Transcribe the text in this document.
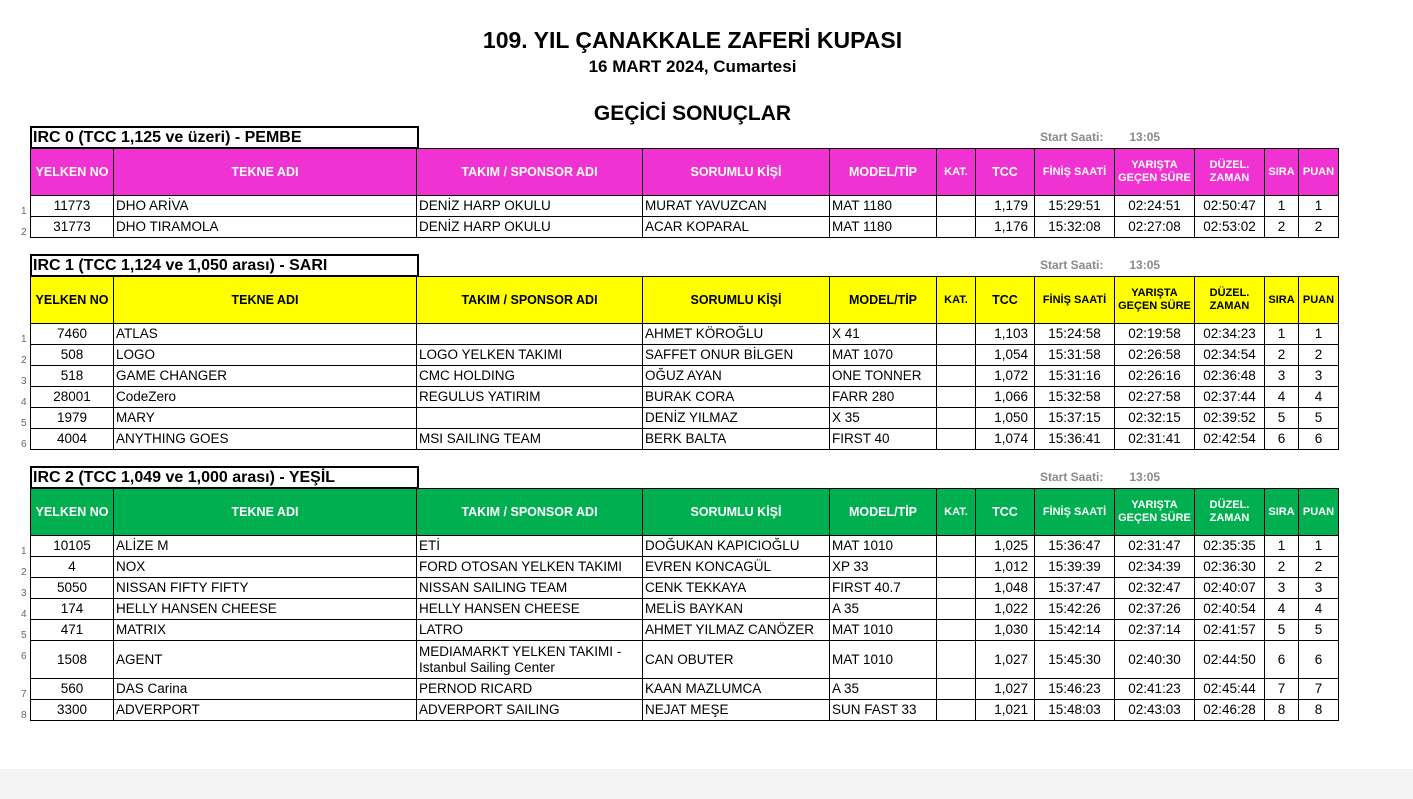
109. YIL ÇANAKKALE ZAFERİ KUPASI
16 MART 2024, Cumartesi
GEÇİCİ SONUÇLAR
IRC 0 (TCC 1,125 ve üzeri) - PEMBE	Start Saati: 13:05
YELKEN NO	TEKNE ADI	TAKIM / SPONSOR ADI	SORUMLU KİŞİ	MODEL/TİP	KAT.	TCC	FİNİŞ SAATİ	YARIŞTA GEÇEN SÜRE	DÜZEL. ZAMAN	SIRA	PUAN

1 11773	DHO ARİVA	DENİZ HARP OKULU	MURAT YAVUZCAN	MAT 1180		1,179	15:29:51	02:24:51	02:50:47	1	1

2 31773	DHO TIRAMOLA	DENİZ HARP OKULU	ACAR KOPARAL	MAT 1180		1,176	15:32:08	02:27:08	02:53:02	2	2
IRC 1 (TCC 1,124 ve 1,050 arası) - SARI	Start Saati: 13:05
YELKEN NO	TEKNE ADI	TAKIM / SPONSOR ADI	SORUMLU KİŞİ	MODEL/TİP	KAT.	TCC	FİNİŞ SAATİ	YARIŞTA GEÇEN SÜRE	DÜZEL. ZAMAN	SIRA	PUAN

1 7460	ATLAS		AHMET KÖROĞLU	X 41		1,103	15:24:58	02:19:58	02:34:23	1	1

2 508	LOGO	LOGO YELKEN TAKIMI	SAFFET ONUR BİLGEN	MAT 1070		1,054	15:31:58	02:26:58	02:34:54	2	2

3 518	GAME CHANGER	CMC HOLDING	OĞUZ AYAN	ONE TONNER		1,072	15:31:16	02:26:16	02:36:48	3	3

4 28001	CodeZero	REGULUS YATIRIM	BURAK CORA	FARR 280		1,066	15:32:58	02:27:58	02:37:44	4	4

5 1979	MARY		DENİZ YILMAZ	X 35		1,050	15:37:15	02:32:15	02:39:52	5	5

6 4004	ANYTHING GOES	MSI SAILING TEAM	BERK BALTA	FIRST 40		1,074	15:36:41	02:31:41	02:42:54	6	6
IRC 2 (TCC 1,049 ve 1,000 arası) - YEŞİL	Start Saati: 13:05
YELKEN NO	TEKNE ADI	TAKIM / SPONSOR ADI	SORUMLU KİŞİ	MODEL/TİP	KAT.	TCC	FİNİŞ SAATİ	YARIŞTA GEÇEN SÜRE	DÜZEL. ZAMAN	SIRA	PUAN

1 10105	ALİZE M	ETİ	DOĞUKAN KAPICIOĞLU	MAT 1010		1,025	15:36:47	02:31:47	02:35:35	1	1

2 4	NOX	FORD OTOSAN YELKEN TAKIMI	EVREN KONCAGÜL	XP 33		1,012	15:39:39	02:34:39	02:36:30	2	2

3 5050	NISSAN FIFTY FIFTY	NISSAN SAILING TEAM	CENK TEKKAYA	FIRST 40.7		1,048	15:37:47	02:32:47	02:40:07	3	3

4 174	HELLY HANSEN CHEESE	HELLY HANSEN CHEESE	MELİS BAYKAN	A 35		1,022	15:42:26	02:37:26	02:40:54	4	4

5 471	MATRIX	LATRO	AHMET YILMAZ CANÖZER	MAT 1010		1,030	15:42:14	02:37:14	02:41:57	5	5

6 1508	AGENT	MEDIAMARKT YELKEN TAKIMI - Istanbul Sailing Center	CAN OBUTER	MAT 1010		1,027	15:45:30	02:40:30	02:44:50	6	6

7 560	DAS Carina	PERNOD RICARD	KAAN MAZLUMCA	A 35		1,027	15:46:23	02:41:23	02:45:44	7	7

8 3300	ADVERPORT	ADVERPORT SAILING	NEJAT MEŞE	SUN FAST 33		1,021	15:48:03	02:43:03	02:46:28	8	8
